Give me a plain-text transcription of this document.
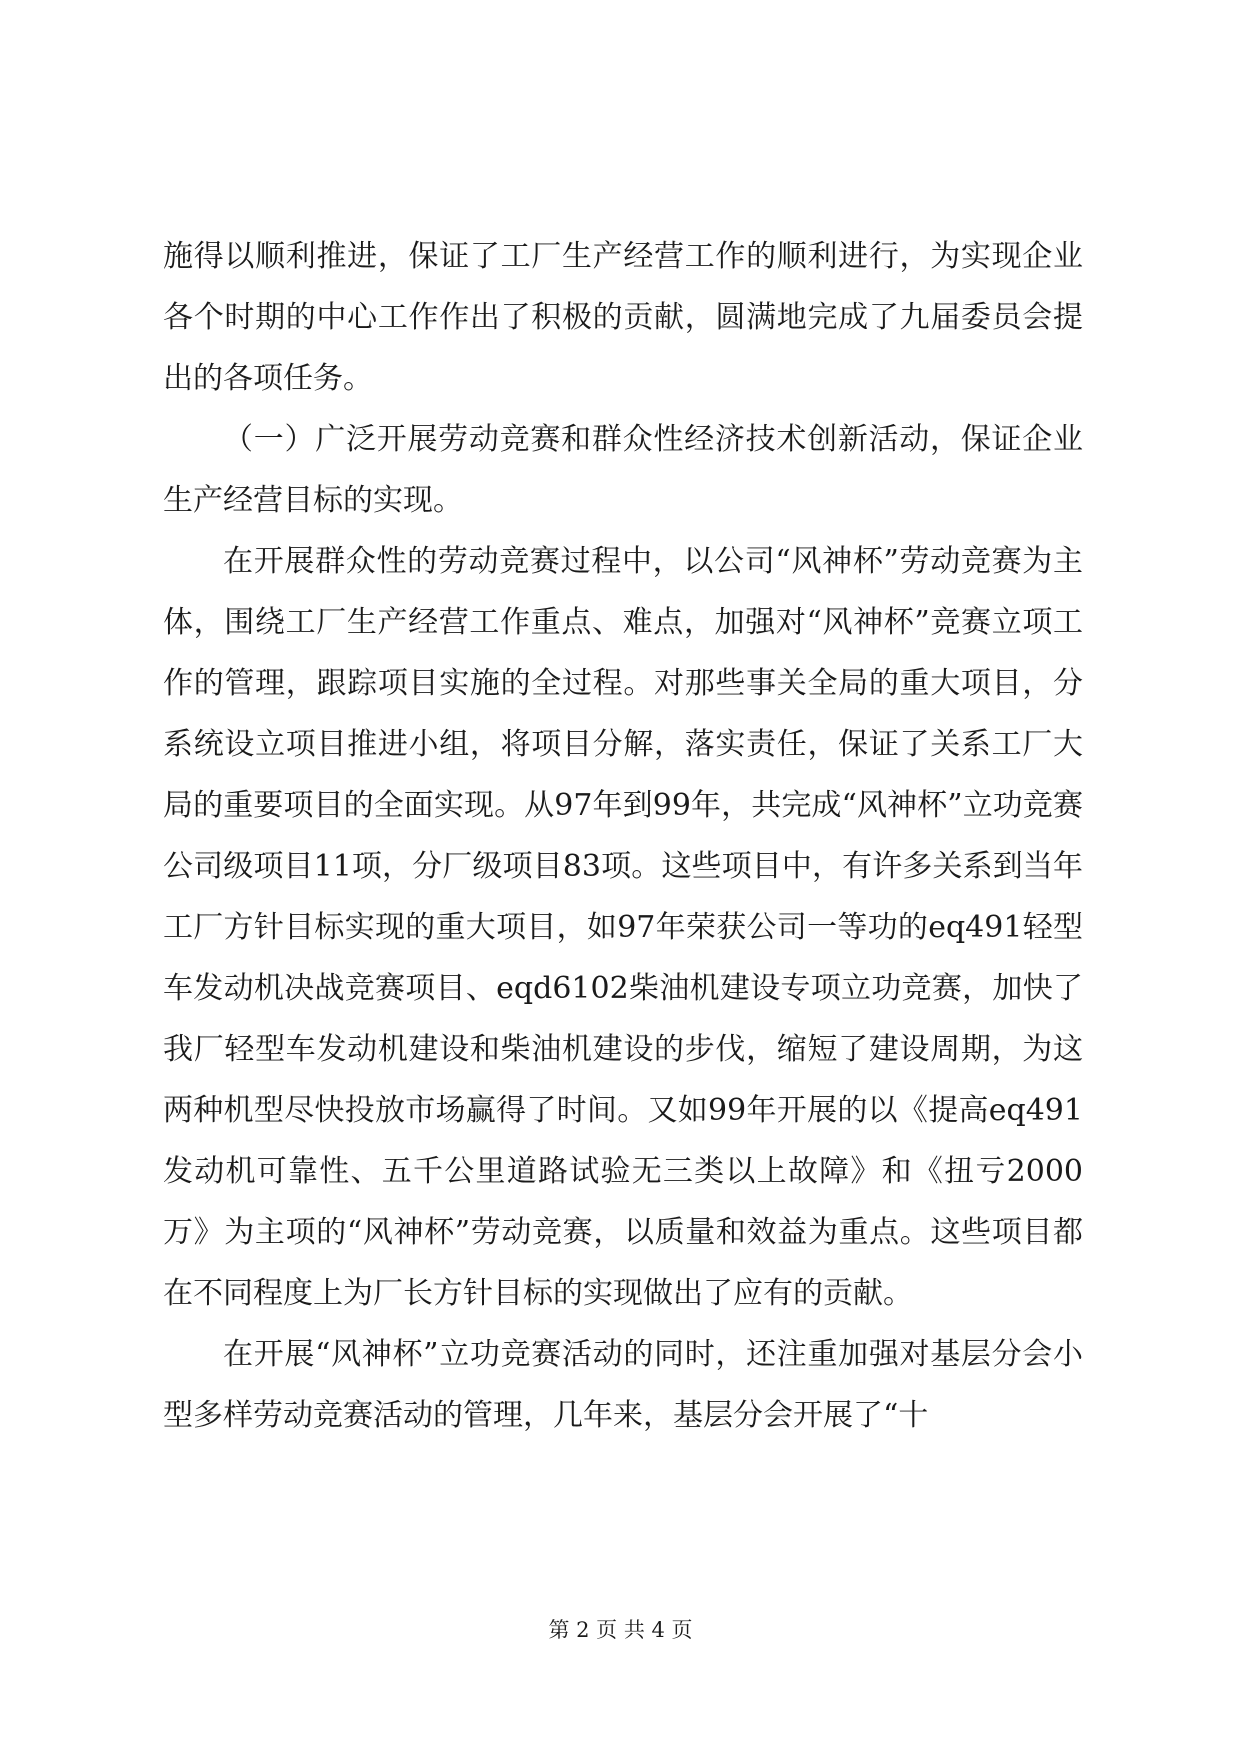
施得以顺利推进，保证了工厂生产经营工作的顺利进行，为实现企业各个时期的中心工作作出了积极的贡献，圆满地完成了九届委员会提出的各项任务。

（一）广泛开展劳动竞赛和群众性经济技术创新活动，保证企业生产经营目标的实现。

在开展群众性的劳动竞赛过程中，以公司“风神杯”劳动竞赛为主体，围绕工厂生产经营工作重点、难点，加强对“风神杯”竞赛立项工作的管理，跟踪项目实施的全过程。对那些事关全局的重大项目，分系统设立项目推进小组，将项目分解，落实责任，保证了关系工厂大局的重要项目的全面实现。从97年到99年，共完成“风神杯”立功竞赛公司级项目11项，分厂级项目83项。这些项目中，有许多关系到当年工厂方针目标实现的重大项目，如97年荣获公司一等功的eq491轻型车发动机决战竞赛项目、eqd6102柴油机建设专项立功竞赛，加快了我厂轻型车发动机建设和柴油机建设的步伐，缩短了建设周期，为这两种机型尽快投放市场赢得了时间。又如99年开展的以《提高eq491发动机可靠性、五千公里道路试验无三类以上故障》和《扭亏2000万》为主项的“风神杯”劳动竞赛，以质量和效益为重点。这些项目都在不同程度上为厂长方针目标的实现做出了应有的贡献。

在开展“风神杯”立功竞赛活动的同时，还注重加强对基层分会小型多样劳动竞赛活动的管理，几年来，基层分会开展了“十

第 2 页 共 4 页
